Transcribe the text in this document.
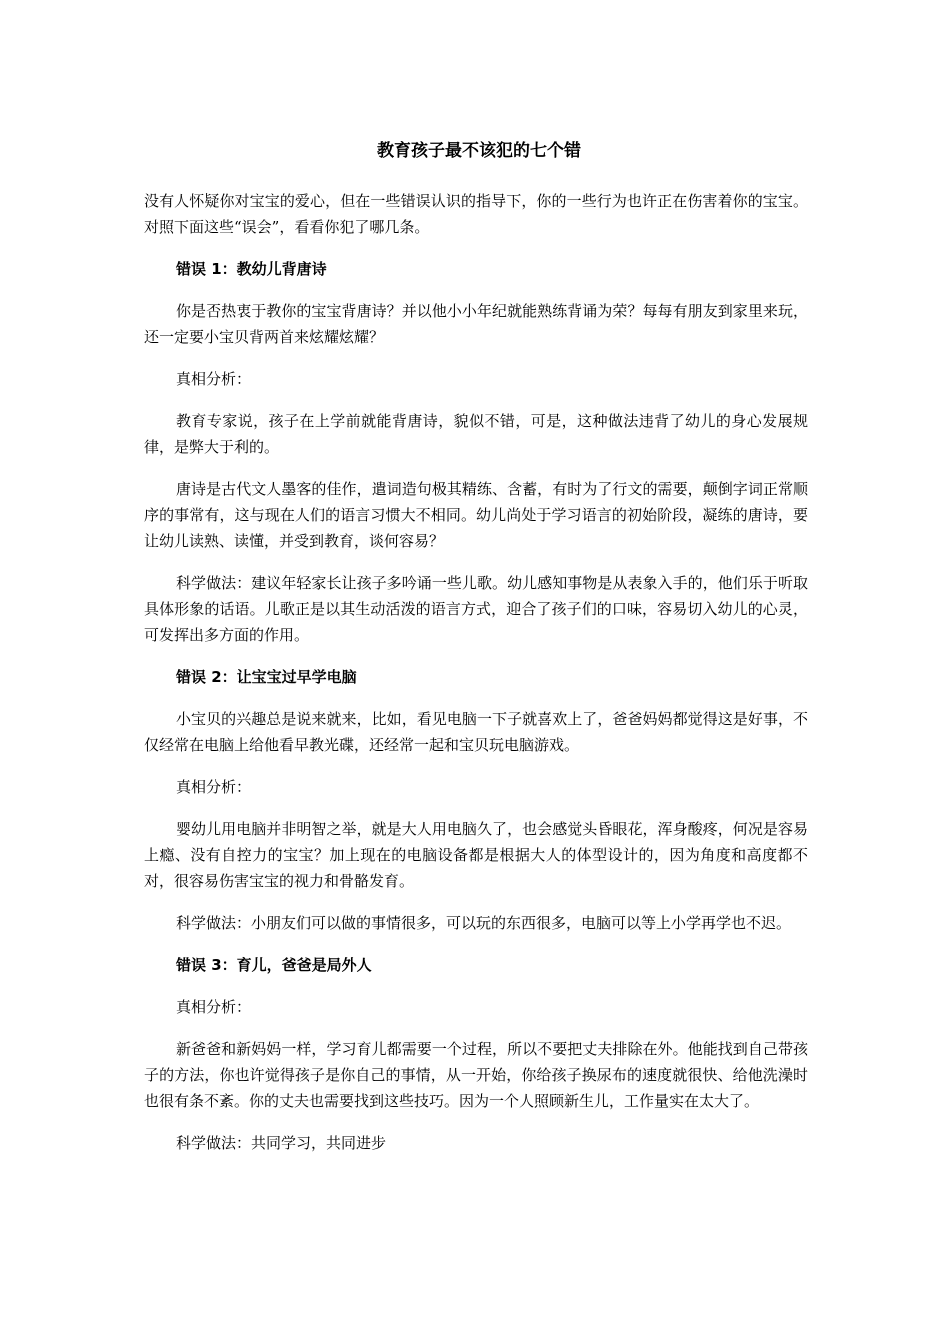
教育孩子最不该犯的七个错

没有人怀疑你对宝宝的爱心，但在一些错误认识的指导下，你的一些行为也许正在伤害着你的宝宝。对照下面这些“误会”，看看你犯了哪几条。

错误 1：教幼儿背唐诗

你是否热衷于教你的宝宝背唐诗？并以他小小年纪就能熟练背诵为荣？每每有朋友到家里来玩，还一定要小宝贝背两首来炫耀炫耀？

真相分析：

教育专家说，孩子在上学前就能背唐诗，貌似不错，可是，这种做法违背了幼儿的身心发展规律，是弊大于利的。

唐诗是古代文人墨客的佳作，遣词造句极其精练、含蓄，有时为了行文的需要，颠倒字词正常顺序的事常有，这与现在人们的语言习惯大不相同。幼儿尚处于学习语言的初始阶段，凝练的唐诗，要让幼儿读熟、读懂，并受到教育，谈何容易？

科学做法：建议年轻家长让孩子多吟诵一些儿歌。幼儿感知事物是从表象入手的，他们乐于听取具体形象的话语。儿歌正是以其生动活泼的语言方式，迎合了孩子们的口味，容易切入幼儿的心灵，可发挥出多方面的作用。

错误 2：让宝宝过早学电脑

小宝贝的兴趣总是说来就来，比如，看见电脑一下子就喜欢上了，爸爸妈妈都觉得这是好事，不仅经常在电脑上给他看早教光碟，还经常一起和宝贝玩电脑游戏。

真相分析：

婴幼儿用电脑并非明智之举，就是大人用电脑久了，也会感觉头昏眼花，浑身酸疼，何况是容易上瘾、没有自控力的宝宝？加上现在的电脑设备都是根据大人的体型设计的，因为角度和高度都不对，很容易伤害宝宝的视力和骨骼发育。

科学做法：小朋友们可以做的事情很多，可以玩的东西很多，电脑可以等上小学再学也不迟。

错误 3：育儿，爸爸是局外人

真相分析：

新爸爸和新妈妈一样，学习育儿都需要一个过程，所以不要把丈夫排除在外。他能找到自己带孩子的方法，你也许觉得孩子是你自己的事情，从一开始，你给孩子换尿布的速度就很快、给他洗澡时也很有条不紊。你的丈夫也需要找到这些技巧。因为一个人照顾新生儿，工作量实在太大了。

科学做法：共同学习，共同进步
